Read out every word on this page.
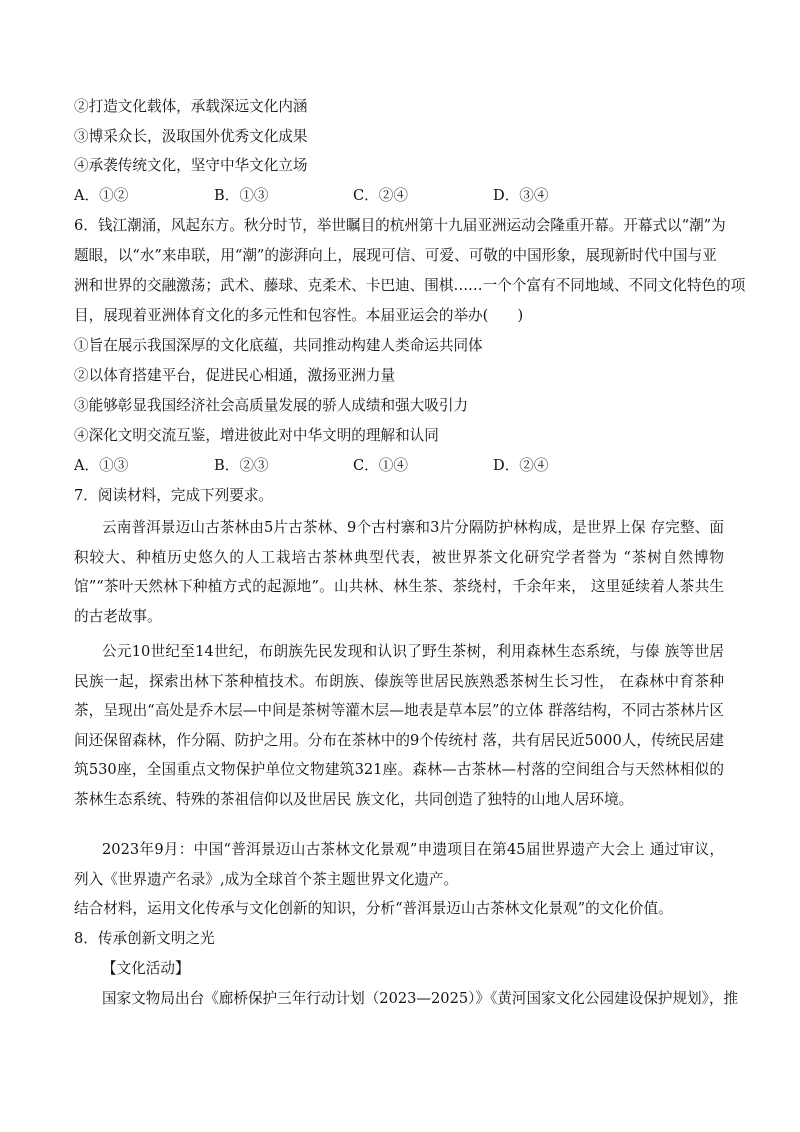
②打造文化载体，承载深远文化内涵
③博采众长，汲取国外优秀文化成果
④承袭传统文化，坚守中华文化立场
A．①②	B．①③	C．②④	D．③④
6．钱江潮涌，风起东方。秋分时节，举世瞩目的杭州第十九届亚洲运动会隆重开幕。开幕式以“潮”为
题眼，以“水”来串联，用“潮”的澎湃向上，展现可信、可爱、可敬的中国形象，展现新时代中国与亚
洲和世界的交融激荡；武术、藤球、克柔术、卡巴迪、围棋……一个个富有不同地域、不同文化特色的项
目，展现着亚洲体育文化的多元性和包容性。本届亚运会的举办(　　)
①旨在展示我国深厚的文化底蕴，共同推动构建人类命运共同体
②以体育搭建平台，促进民心相通，激扬亚洲力量
③能够彰显我国经济社会高质量发展的骄人成绩和强大吸引力
④深化文明交流互鉴，增进彼此对中华文明的理解和认同
A．①③	B．②③	C．①④	D．②④
7．阅读材料，完成下列要求。
云南普洱景迈山古茶林由5片古茶林、9个古村寨和3片分隔防护林构成，是世界上保 存完整、面积较大、种植历史悠久的人工栽培古茶林典型代表，被世界茶文化研究学者誉为 “茶树自然博物馆”“茶叶天然林下种植方式的起源地”。山共林、林生茶、茶绕村，千余年来， 这里延续着人茶共生的古老故事。
公元10世纪至14世纪，布朗族先民发现和认识了野生茶树，利用森林生态系统，与傣 族等世居民族一起，探索出林下茶种植技术。布朗族、傣族等世居民族熟悉茶树生长习性， 在森林中育茶种茶，呈现出“高处是乔木层—中间是茶树等灌木层—地表是草本层”的立体 群落结构，不同古茶林片区间还保留森林，作分隔、防护之用。分布在茶林中的9个传统村 落，共有居民近5000人，传统民居建筑530座，全国重点文物保护单位文物建筑321座。森林—古茶林—村落的空间组合与天然林相似的茶林生态系统、特殊的茶祖信仰以及世居民 族文化，共同创造了独特的山地人居环境。
2023年9月：中国“普洱景迈山古茶林文化景观”申遗项目在第45届世界遗产大会上 通过审议，列入《世界遗产名录》,成为全球首个茶主题世界文化遗产。
结合材料，运用文化传承与文化创新的知识，分析“普洱景迈山古茶林文化景观”的文化价值。
8．传承创新文明之光
【文化活动】
国家文物局出台《廊桥保护三年行动计划（2023—2025）》《黄河国家文化公园建设保护规划》，推
